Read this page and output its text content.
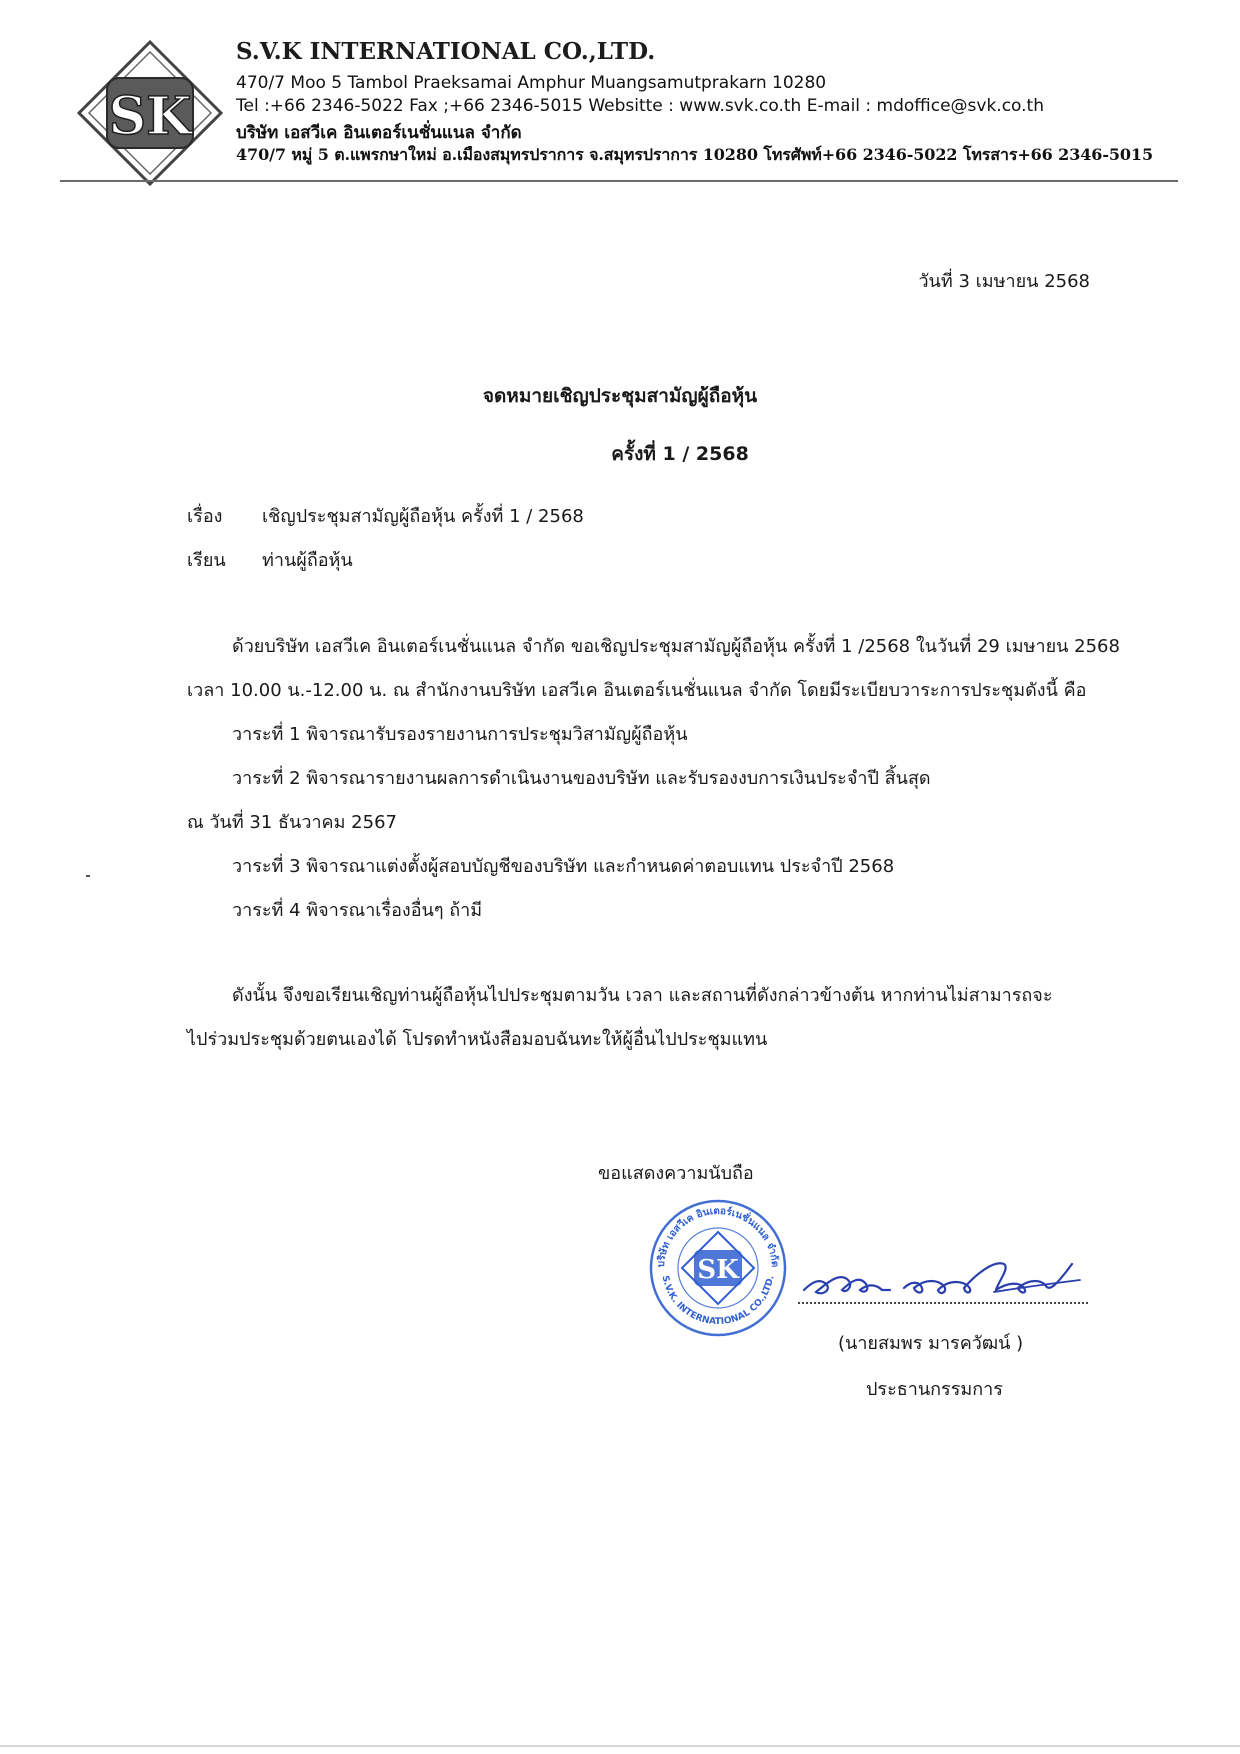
SK
S.V.K INTERNATIONAL CO.,LTD.
470/7 Moo 5 Tambol Praeksamai Amphur Muangsamutprakarn 10280
Tel :+66 2346-5022 Fax ;+66 2346-5015 Websitte : www.svk.co.th E-mail : mdoffice@svk.co.th
บริษัท เอสวีเค อินเตอร์เนชั่นแนล จำกัด
470/7 หมู่ 5 ต.แพรกษาใหม่ อ.เมืองสมุทรปราการ จ.สมุทรปราการ 10280 โทรศัพท์+66 2346-5022 โทรสาร+66 2346-5015
วันที่ 3 เมษายน 2568
จดหมายเชิญประชุมสามัญผู้ถือหุ้น
ครั้งที่ 1 / 2568
เรื่อง เชิญประชุมสามัญผู้ถือหุ้น ครั้งที่ 1 / 2568
เรียน ท่านผู้ถือหุ้น
ด้วยบริษัท เอสวีเค อินเตอร์เนชั่นแนล จำกัด ขอเชิญประชุมสามัญผู้ถือหุ้น ครั้งที่ 1 /2568 ในวันที่ 29 เมษายน 2568
เวลา 10.00 น.-12.00 น. ณ สำนักงานบริษัท เอสวีเค อินเตอร์เนชั่นแนล จำกัด โดยมีระเบียบวาระการประชุมดังนี้ คือ
วาระที่ 1 พิจารณารับรองรายงานการประชุมวิสามัญผู้ถือหุ้น
วาระที่ 2 พิจารณารายงานผลการดำเนินงานของบริษัท และรับรองงบการเงินประจำปี สิ้นสุด
ณ วันที่ 31 ธันวาคม 2567
วาระที่ 3 พิจารณาแต่งตั้งผู้สอบบัญชีของบริษัท และกำหนดค่าตอบแทน ประจำปี 2568
วาระที่ 4 พิจารณาเรื่องอื่นๆ ถ้ามี
ดังนั้น จึงขอเรียนเชิญท่านผู้ถือหุ้นไปประชุมตามวัน เวลา และสถานที่ดังกล่าวข้างต้น หากท่านไม่สามารถจะ
ไปร่วมประชุมด้วยตนเองได้ โปรดทำหนังสือมอบฉันทะให้ผู้อื่นไปประชุมแทน
ขอแสดงความนับถือ
บริษัท เอสวีเค อินเตอร์เนชั่นแนล จำกัด
S.V.K. INTERNATIONAL CO.,LTD.
SK
(นายสมพร มารควัฒน์ )
ประธานกรรมการ
